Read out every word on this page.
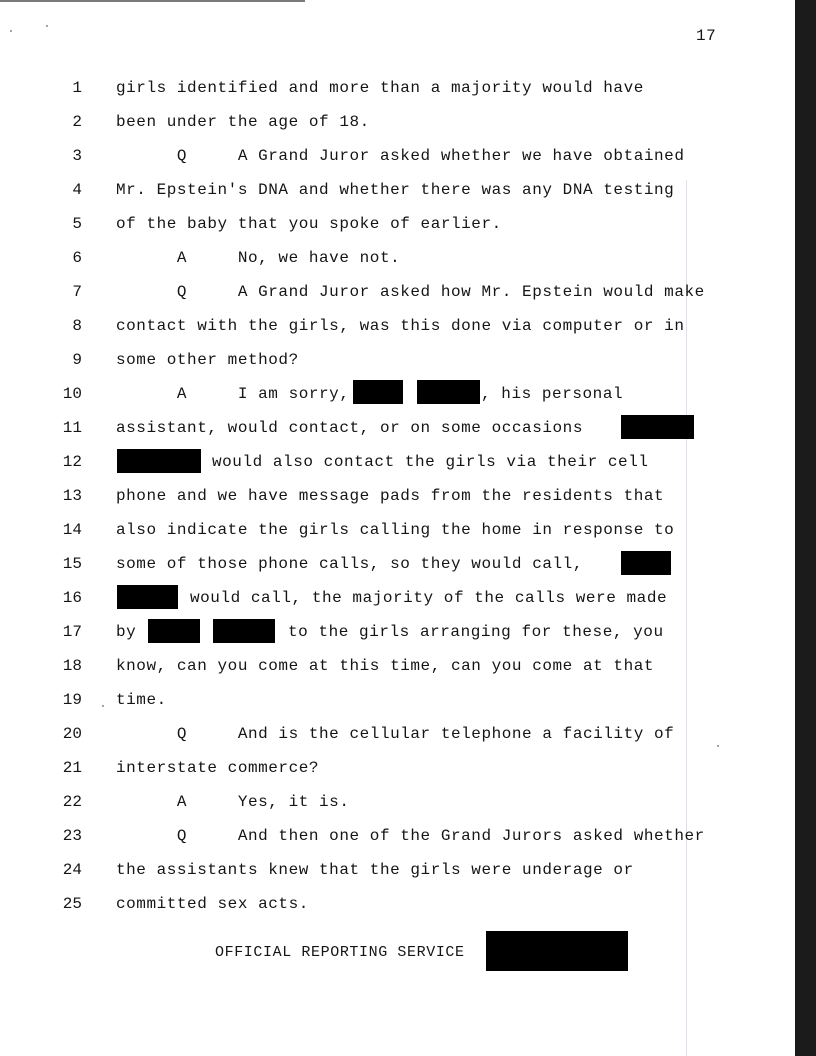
17
1
2
3
4
5
6
7
8
9
10
11
12
13
14
15
16
17
18
19
20
21
22
23
24
25
girls identified and more than a majority would have
been under the age of 18.
Q     A Grand Juror asked whether we have obtained
Mr. Epstein's DNA and whether there was any DNA testing
of the baby that you spoke of earlier.
A     No, we have not.
Q     A Grand Juror asked how Mr. Epstein would make
contact with the girls, was this done via computer or in
some other method?
A     I am sorry,	, his personal
assistant, would contact, or on some occasions
would also contact the girls via their cell
phone and we have message pads from the residents that
also indicate the girls calling the home in response to
some of those phone calls, so they would call,
would call, the majority of the calls were made
by	to the girls arranging for these, you
know, can you come at this time, can you come at that
time.
Q     And is the cellular telephone a facility of
interstate commerce?
A     Yes, it is.
Q     And then one of the Grand Jurors asked whether
the assistants knew that the girls were underage or
committed sex acts.
OFFICIAL REPORTING SERVICE
